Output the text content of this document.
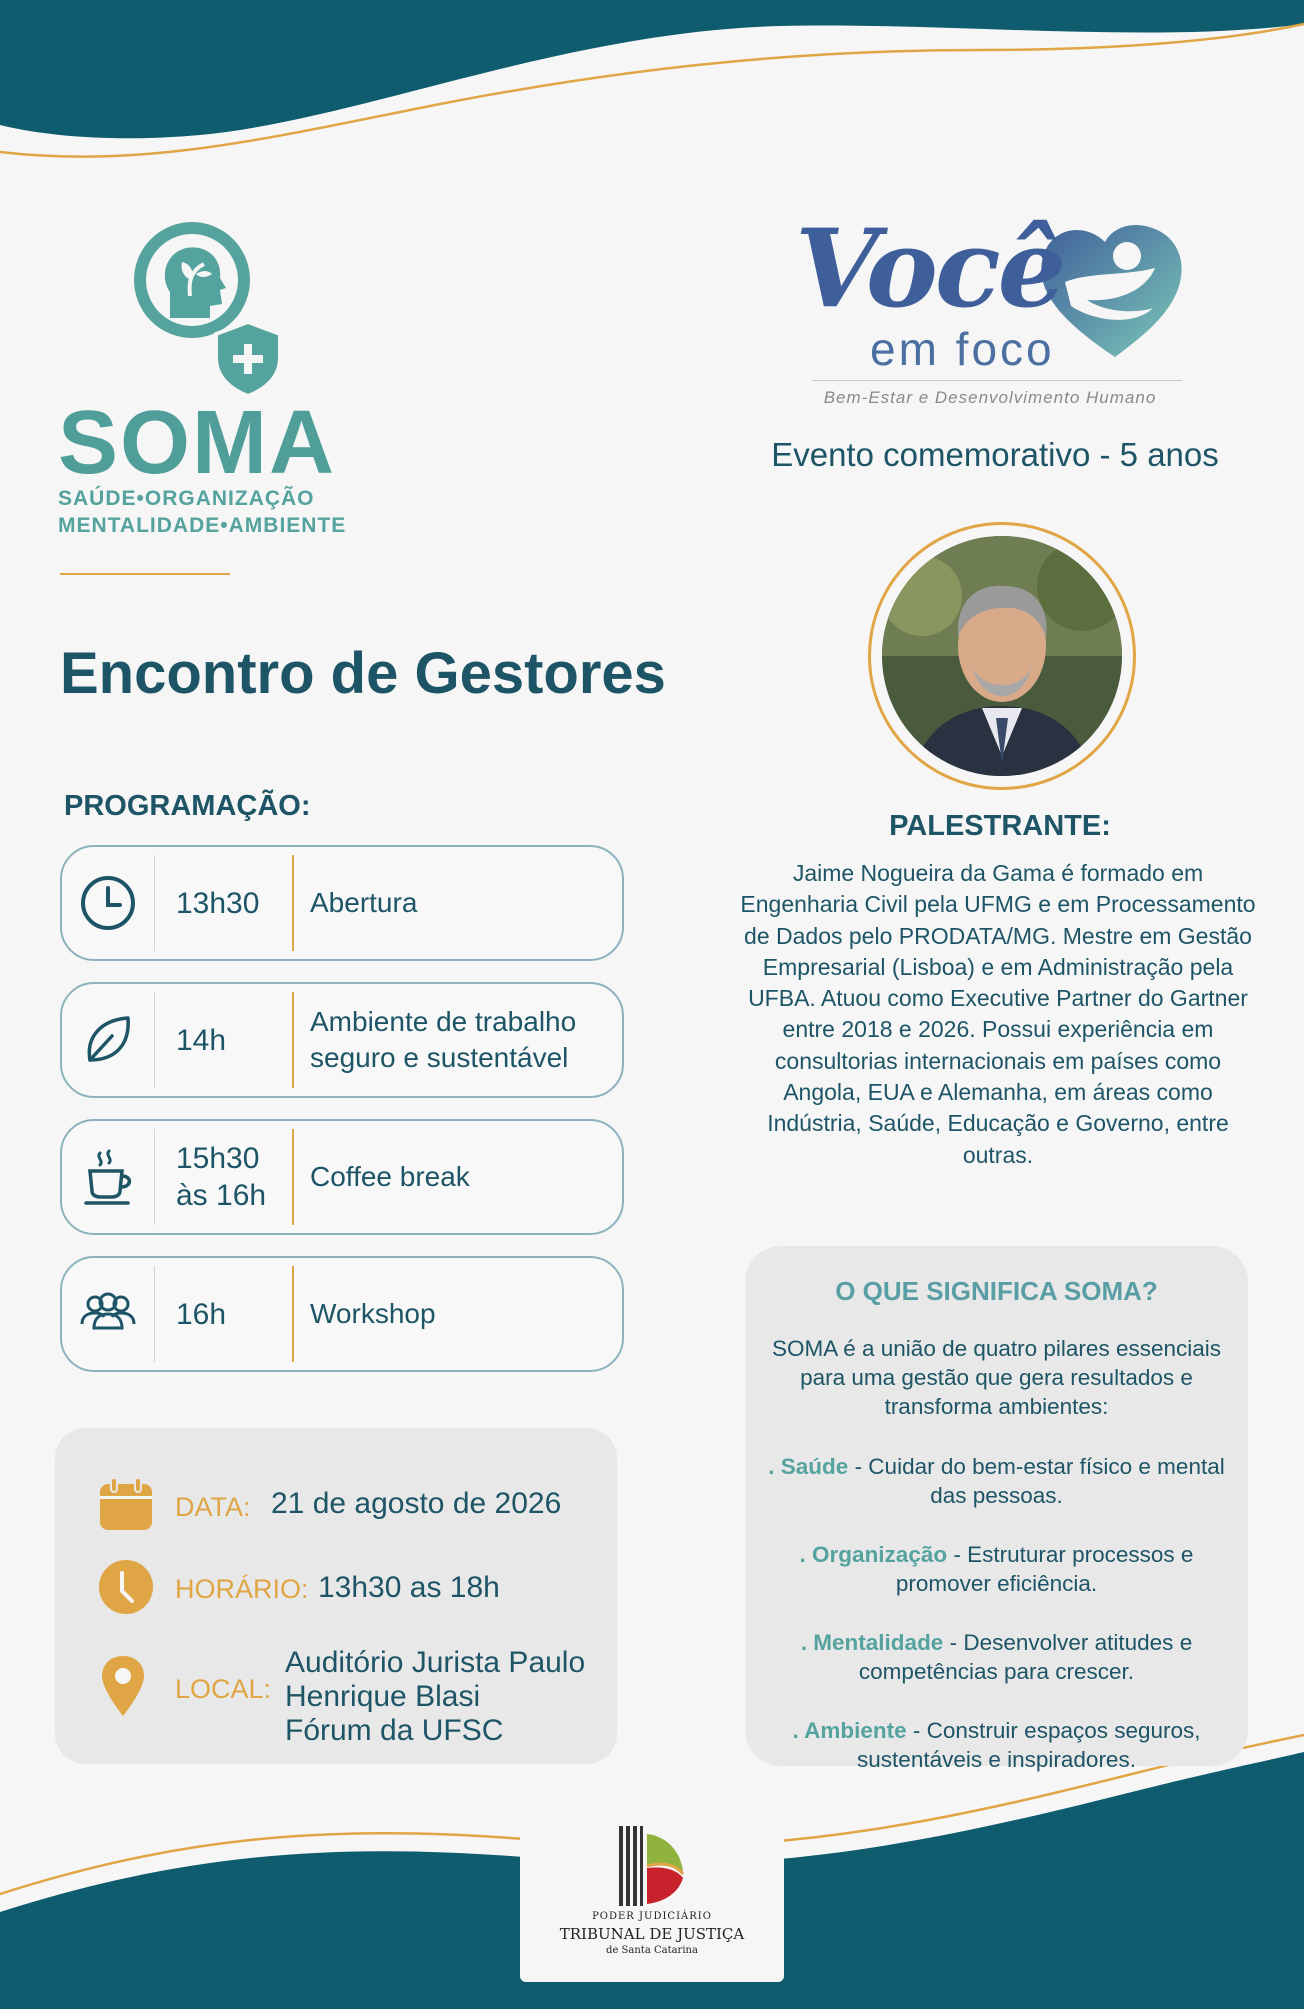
SOMA
SAÚDE•ORGANIZAÇÃO
MENTALIDADE•AMBIENTE
Você
em foco
Bem-Estar e Desenvolvimento Humano
Evento comemorativo - 5 anos
Encontro de Gestores
PROGRAMAÇÃO:
13h30 Abertura
14h
Ambiente de trabalho seguro e sustentável
15h30 às 16h
Coffee break
16h	Workshop
DATA: 21 de agosto de 2026
HORÁRIO: 13h30 as 18h
LOCAL:
Auditório Jurista Paulo
Henrique Blasi
Fórum da UFSC
PALESTRANTE:
Jaime Nogueira da Gama é formado em Engenharia Civil pela UFMG e em Processamento de Dados pelo PRODATA/MG. Mestre em Gestão Empresarial (Lisboa) e em Administração pela UFBA. Atuou como Executive Partner do Gartner entre 2018 e 2026. Possui experiência em consultorias internacionais em países como Angola, EUA e Alemanha, em áreas como Indústria, Saúde, Educação e Governo, entre outras.
O QUE SIGNIFICA SOMA?
SOMA é a união de quatro pilares essenciais para uma gestão que gera resultados e transforma ambientes:
. Saúde - Cuidar do bem-estar físico e mental das pessoas.
. Organização - Estruturar processos e promover eficiência.
. Mentalidade - Desenvolver atitudes e competências para crescer.
. Ambiente - Construir espaços seguros, sustentáveis e inspiradores.
PODER JUDICIÁRIO
TRIBUNAL DE JUSTIÇA
de Santa Catarina
